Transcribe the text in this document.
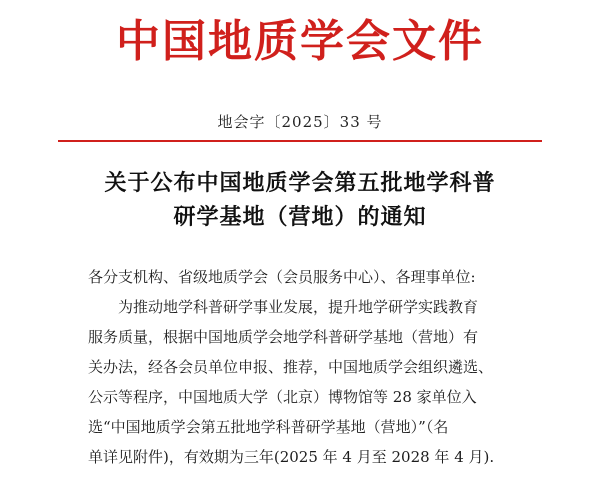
中国地质学会文件
地会字〔2025〕33 号
关于公布中国地质学会第五批地学科普
研学基地（营地）的通知
各分支机构、省级地质学会（会员服务中心）、各理事单位:
为推动地学科普研学事业发展，提升地学研学实践教育
服务质量，根据中国地质学会地学科普研学基地（营地）有
关办法，经各会员单位申报、推荐，中国地质学会组织遴选、
公示等程序，中国地质大学（北京）博物馆等 28 家单位入
选“中国地质学会第五批地学科普研学基地（营地）”（名
单详见附件)，有效期为三年(2025 年 4 月至 2028 年 4 月).
